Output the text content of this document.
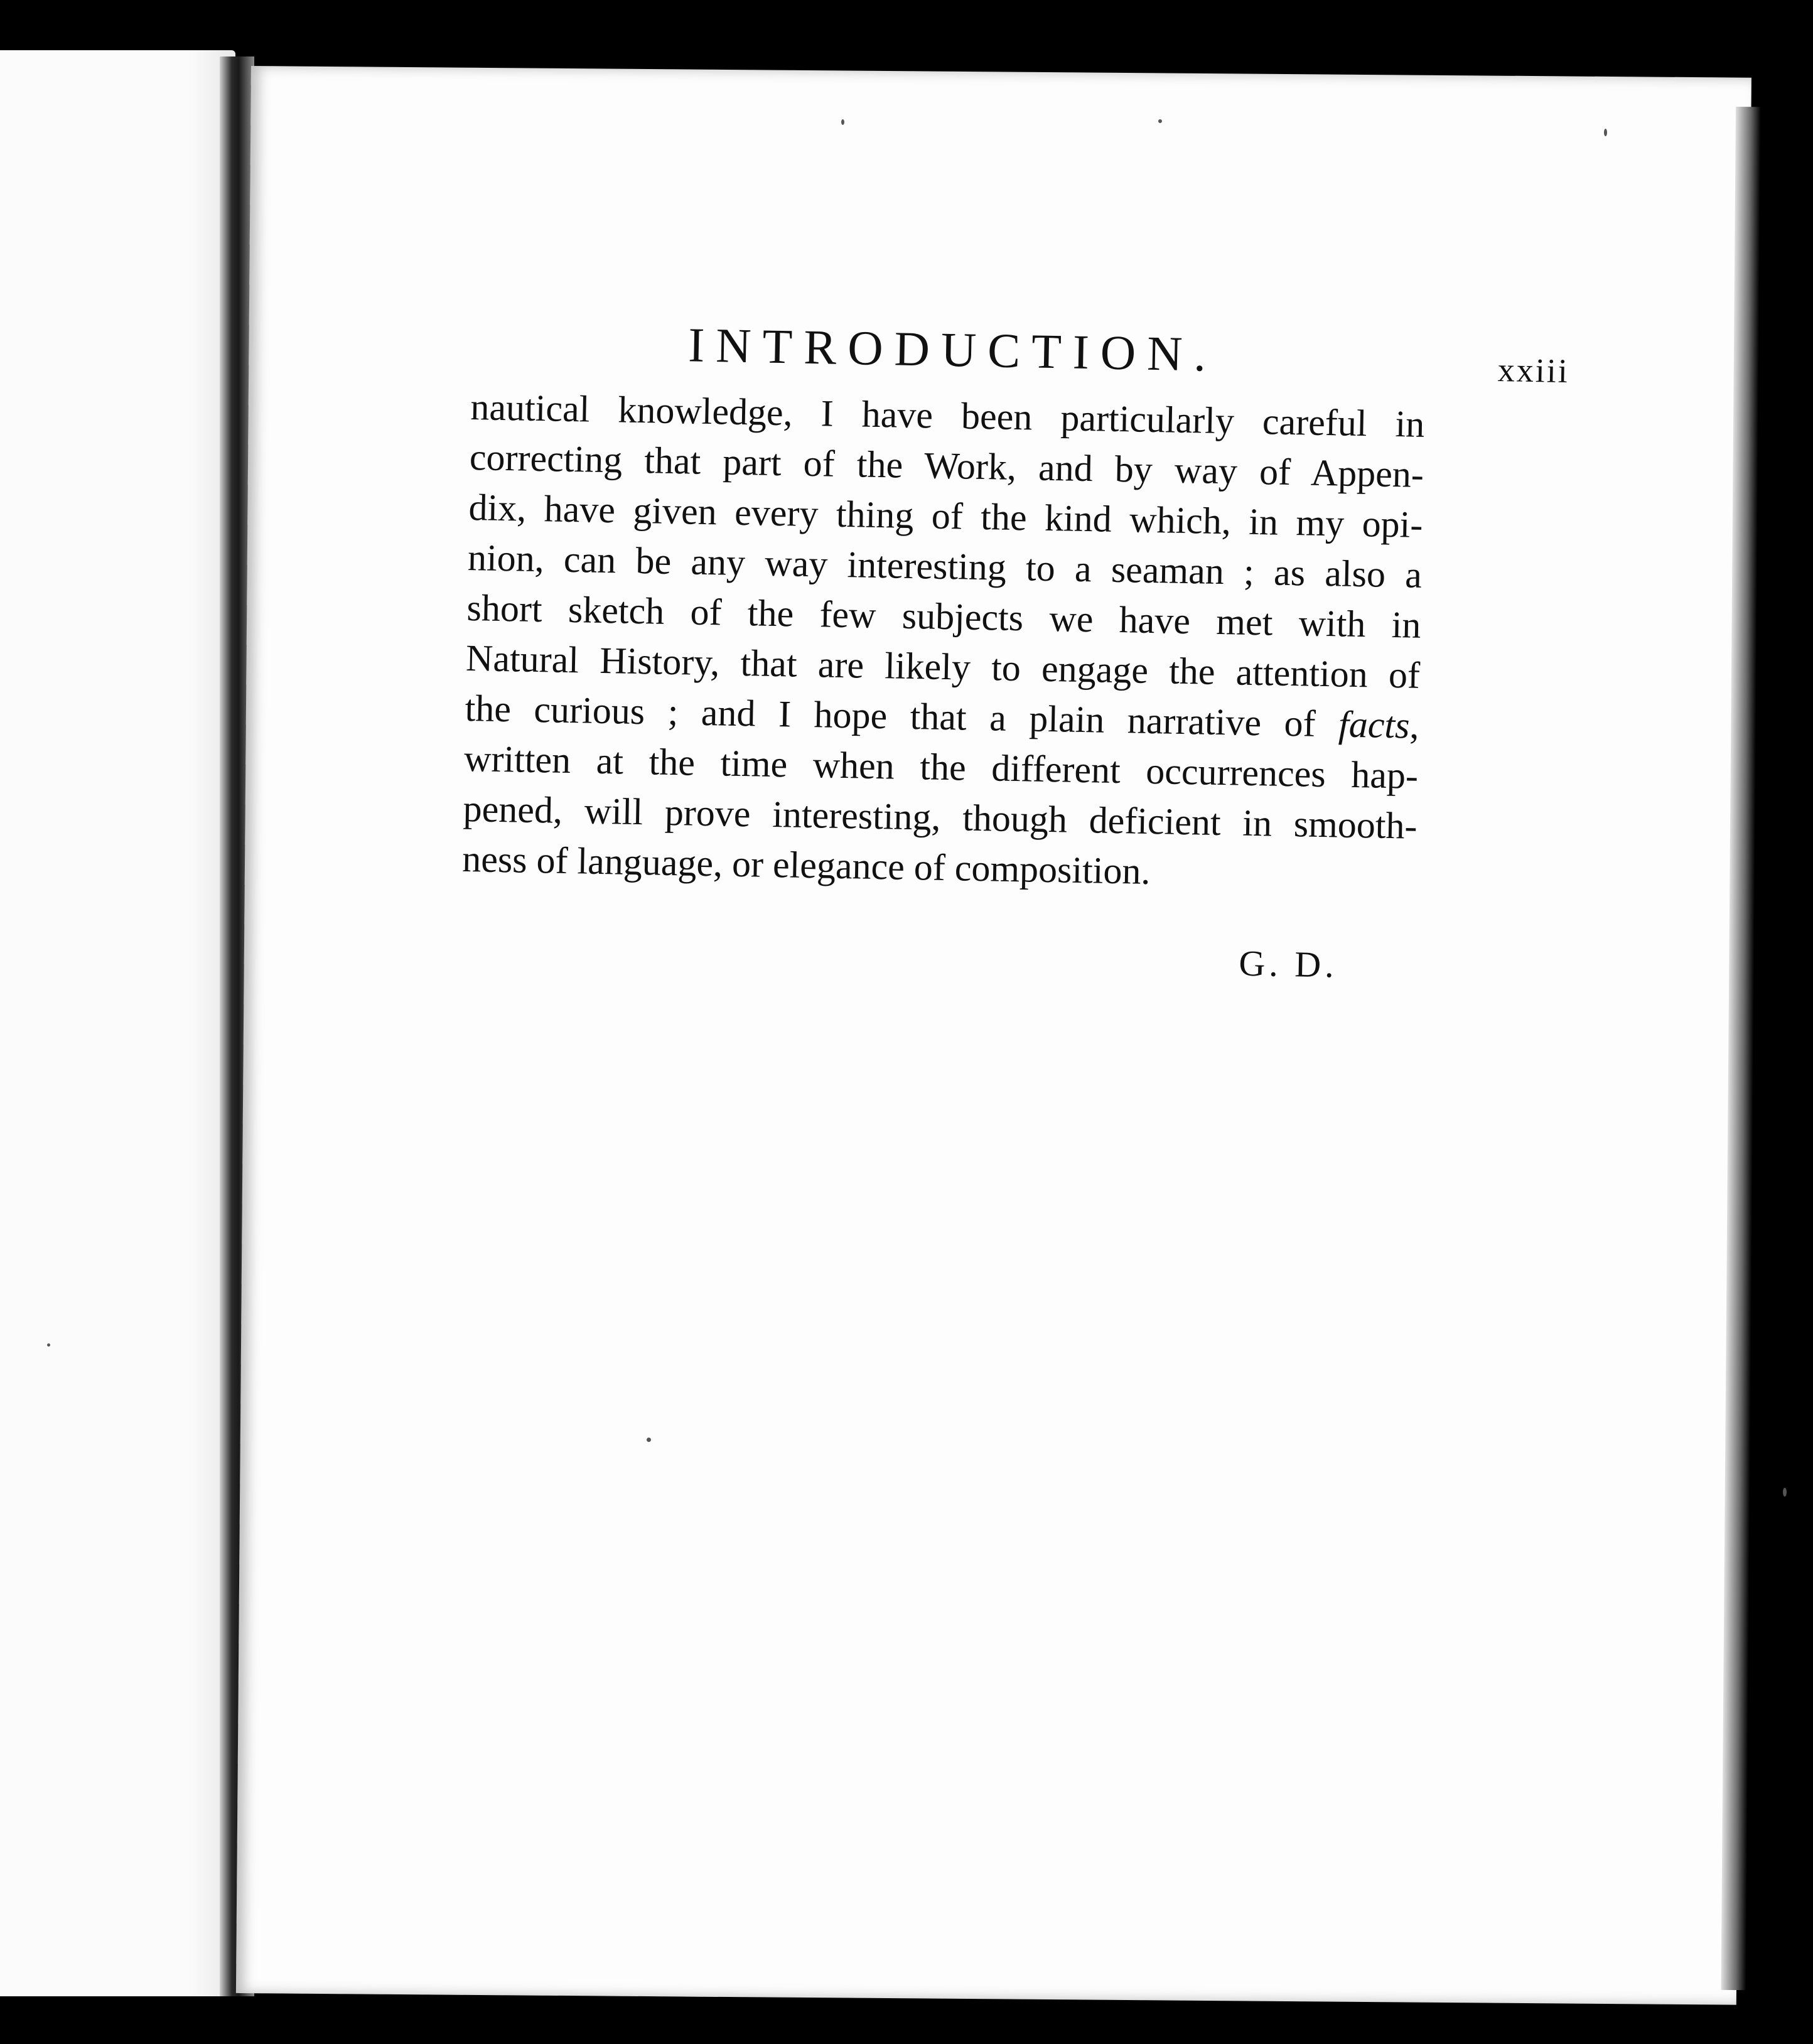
INTRODUCTION.	xxiii
nautical knowledge, I have been particularly careful in
correcting that part of the Work, and by way of Appen-
dix, have given every thing of the kind which, in my opi-
nion, can be any way interesting to a seaman ; as also a
short sketch of the few subjects we have met with in
Natural History, that are likely to engage the attention of
the curious ; and I hope that a plain narrative of facts,
written at the time when the different occurrences hap-
pened, will prove interesting, though deficient in smooth-
ness of language, or elegance of composition.
G. D.
